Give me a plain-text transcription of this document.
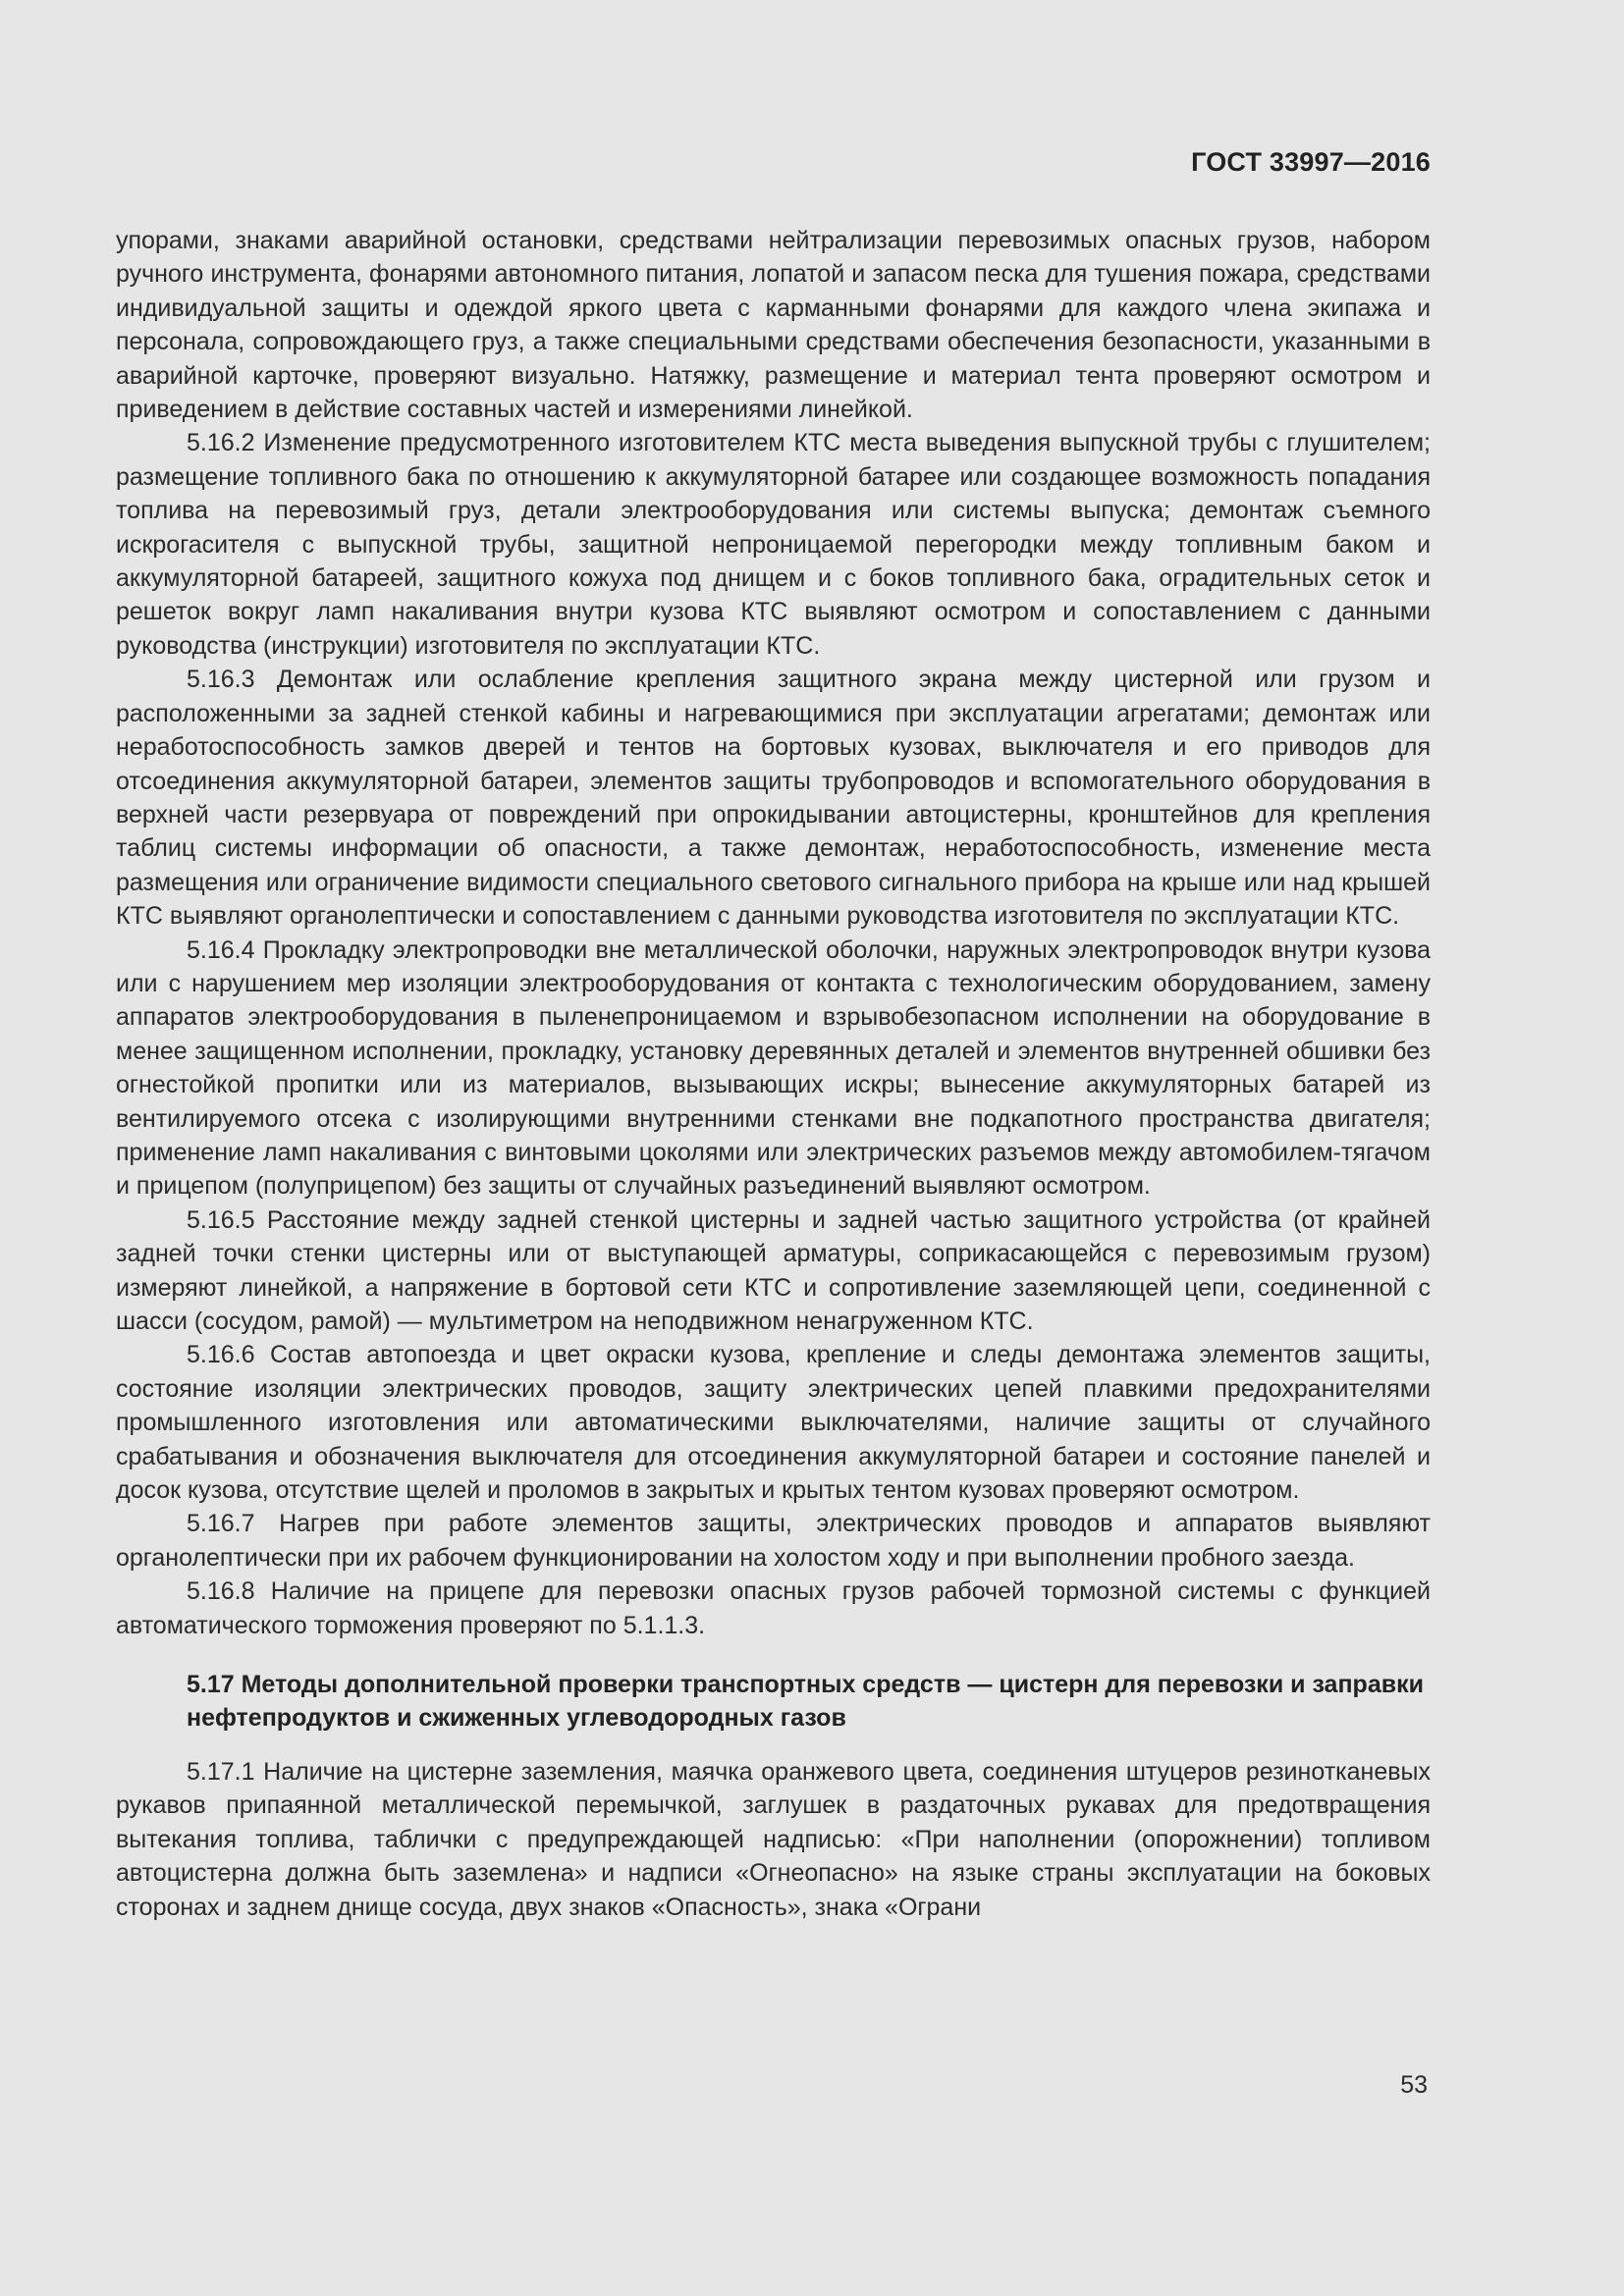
ГОСТ 33997—2016

упорами, знаками аварийной остановки, средствами нейтрализации перевозимых опасных грузов, набором ручного инструмента, фонарями автономного питания, лопатой и запасом песка для тушения пожара, средствами индивидуальной защиты и одеждой яркого цвета с карманными фонарями для каждого члена экипажа и персонала, сопровождающего груз, а также специальными средствами обеспечения безопасности, указанными в аварийной карточке, проверяют визуально. Натяжку, размещение и материал тента проверяют осмотром и приведением в действие составных частей и измерениями линейкой.

5.16.2 Изменение предусмотренного изготовителем КТС места выведения выпускной трубы с глушителем; размещение топливного бака по отношению к аккумуляторной батарее или создающее возможность попадания топлива на перевозимый груз, детали электрооборудования или системы выпуска; демонтаж съемного искрогасителя с выпускной трубы, защитной непроницаемой перегородки между топливным баком и аккумуляторной батареей, защитного кожуха под днищем и с боков топливного бака, оградительных сеток и решеток вокруг ламп накаливания внутри кузова КТС выявляют осмотром и сопоставлением с данными руководства (инструкции) изготовителя по эксплуатации КТС.

5.16.3 Демонтаж или ослабление крепления защитного экрана между цистерной или грузом и расположенными за задней стенкой кабины и нагревающимися при эксплуатации агрегатами; демонтаж или неработоспособность замков дверей и тентов на бортовых кузовах, выключателя и его приводов для отсоединения аккумуляторной батареи, элементов защиты трубопроводов и вспомогательного оборудования в верхней части резервуара от повреждений при опрокидывании автоцистерны, кронштейнов для крепления таблиц системы информации об опасности, а также демонтаж, неработоспособность, изменение места размещения или ограничение видимости специального светового сигнального прибора на крыше или над крышей КТС выявляют органолептически и сопоставлением с данными руководства изготовителя по эксплуатации КТС.

5.16.4 Прокладку электропроводки вне металлической оболочки, наружных электропроводок внутри кузова или с нарушением мер изоляции электрооборудования от контакта с технологическим оборудованием, замену аппаратов электрооборудования в пыленепроницаемом и взрывобезопасном исполнении на оборудование в менее защищенном исполнении, прокладку, установку деревянных деталей и элементов внутренней обшивки без огнестойкой пропитки или из материалов, вызывающих искры; вынесение аккумуляторных батарей из вентилируемого отсека с изолирующими внутренними стенками вне подкапотного пространства двигателя; применение ламп накаливания с винтовыми цоколями или электрических разъемов между автомобилем-тягачом и прицепом (полуприцепом) без защиты от случайных разъединений выявляют осмотром.

5.16.5 Расстояние между задней стенкой цистерны и задней частью защитного устройства (от крайней задней точки стенки цистерны или от выступающей арматуры, соприкасающейся с перевозимым грузом) измеряют линейкой, а напряжение в бортовой сети КТС и сопротивление заземляющей цепи, соединенной с шасси (сосудом, рамой) — мультиметром на неподвижном ненагруженном КТС.

5.16.6 Состав автопоезда и цвет окраски кузова, крепление и следы демонтажа элементов защиты, состояние изоляции электрических проводов, защиту электрических цепей плавкими предохранителями промышленного изготовления или автоматическими выключателями, наличие защиты от случайного срабатывания и обозначения выключателя для отсоединения аккумуляторной батареи и состояние панелей и досок кузова, отсутствие щелей и проломов в закрытых и крытых тентом кузовах проверяют осмотром.

5.16.7 Нагрев при работе элементов защиты, электрических проводов и аппаратов выявляют органолептически при их рабочем функционировании на холостом ходу и при выполнении пробного заезда.

5.16.8 Наличие на прицепе для перевозки опасных грузов рабочей тормозной системы с функцией автоматического торможения проверяют по 5.1.1.3.

5.17 Методы дополнительной проверки транспортных средств — цистерн для перевозки и заправки нефтепродуктов и сжиженных углеводородных газов

5.17.1 Наличие на цистерне заземления, маячка оранжевого цвета, соединения штуцеров резинотканевых рукавов припаянной металлической перемычкой, заглушек в раздаточных рукавах для предотвращения вытекания топлива, таблички с предупреждающей надписью: «При наполнении (опорожнении) топливом автоцистерна должна быть заземлена» и надписи «Огнеопасно» на языке страны эксплуатации на боковых сторонах и заднем днище сосуда, двух знаков «Опасность», знака «Ограни

53
